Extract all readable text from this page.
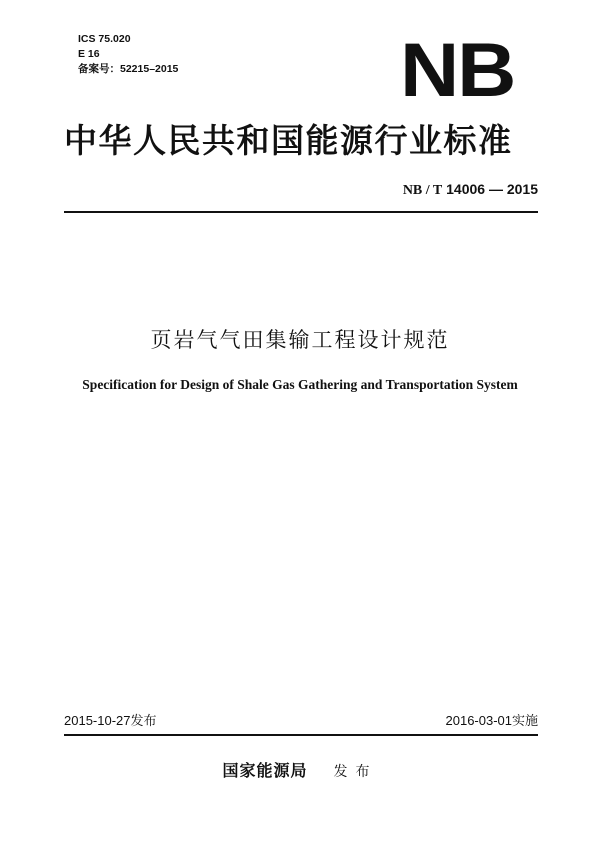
ICS 75.020
E 16
备案号：52215–2015	NB
中华人民共和国能源行业标准
NB / T 14006 — 2015
页岩气气田集输工程设计规范
Specification for Design of Shale Gas Gathering and Transportation System
2015-10-27发布	2016-03-01实施
国家能源局 发布
